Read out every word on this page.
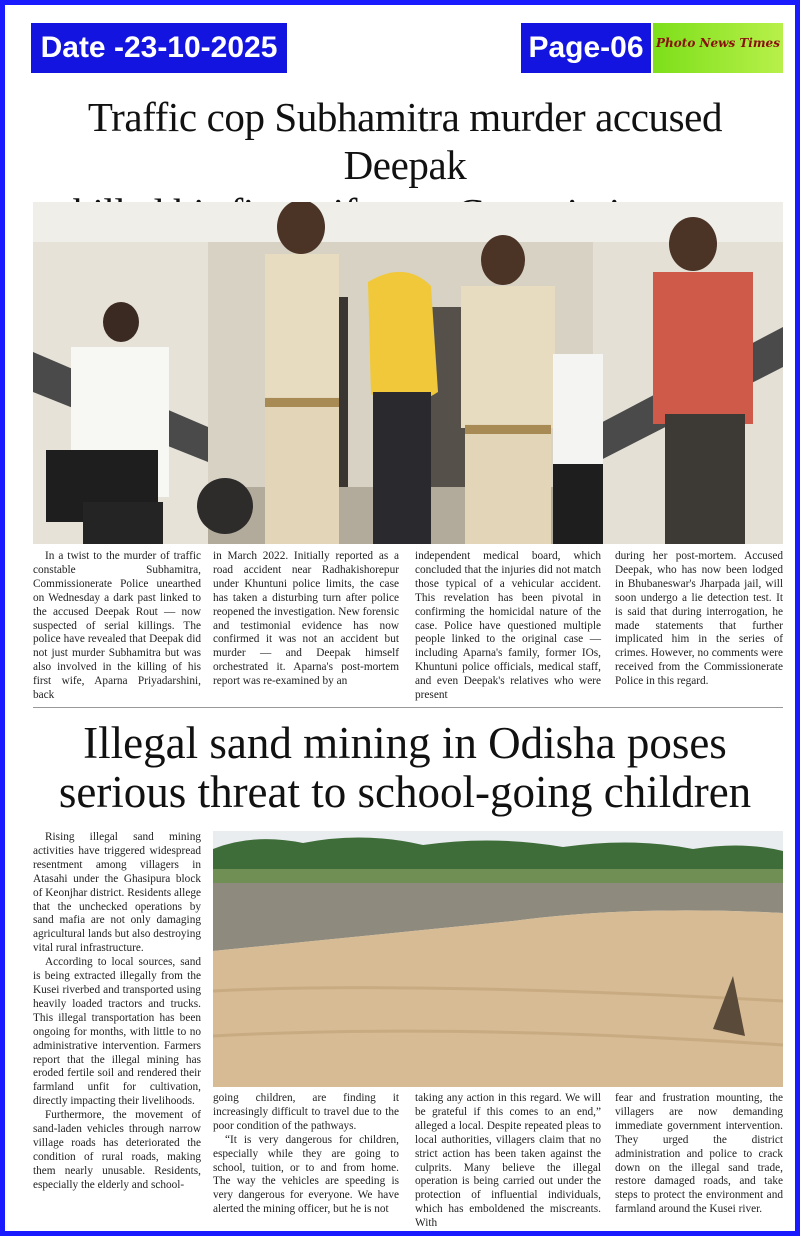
Date -23-10-2025	Page-06	Photo News Times
Traffic cop Subhamitra murder accused Deepak

In a twist to the murder of traffic constable Subhamitra, Commissionerate Police unearthed on Wednesday a dark past linked to the accused Deepak Rout — now suspected of serial killings. The police have revealed that Deepak did not just murder Subhamitra but was also involved in the killing of his first wife, Aparna Priyadarshini, back

in March 2022. Initially reported as a road accident near Radhakishorepur under Khuntuni police limits, the case has taken a disturbing turn after police reopened the investigation. New forensic and testimonial evidence has now confirmed it was not an accident but murder — and Deepak himself orchestrated it. Aparna's post-mortem report was re-examined by an

independent medical board, which concluded that the injuries did not match those typical of a vehicular accident. This revelation has been pivotal in confirming the homicidal nature of the case. Police have questioned multiple people linked to the original case — including Aparna's family, former IOs, Khuntuni police officials, medical staff, and even Deepak's relatives who were present

during her post-mortem. Accused Deepak, who has now been lodged in Bhubaneswar's Jharpada jail, will soon undergo a lie detection test. It is said that during interrogation, he made statements that further implicated him in the series of crimes. However, no comments were received from the Commissionerate Police in this regard.

Illegal sand mining in Odisha poses
serious threat to school-going children

Rising illegal sand mining activities have triggered widespread resentment among villagers in Atasahi under the Ghasipura block of Keonjhar district. Residents allege that the unchecked operations by sand mafia are not only damaging agricultural lands but also destroying vital rural infrastructure.

According to local sources, sand is being extracted illegally from the Kusei riverbed and transported using heavily loaded tractors and trucks. This illegal transportation has been ongoing for months, with little to no administrative intervention. Farmers report that the illegal mining has eroded fertile soil and rendered their farmland unfit for cultivation, directly impacting their livelihoods.

Furthermore, the movement of sand-laden vehicles through narrow village roads has deteriorated the condition of rural roads, making them nearly unusable. Residents, especially the elderly and school-

going children, are finding it increasingly difficult to travel due to the poor condition of the pathways.

“It is very dangerous for children, especially while they are going to school, tuition, or to and from home. The way the vehicles are speeding is very dangerous for everyone. We have alerted the mining officer, but he is not

taking any action in this regard. We will be grateful if this comes to an end,” alleged a local. Despite repeated pleas to local authorities, villagers claim that no strict action has been taken against the culprits. Many believe the illegal operation is being carried out under the protection of influential individuals, which has emboldened the miscreants. With

fear and frustration mounting, the villagers are now demanding immediate government intervention. They urged the district administration and police to crack down on the illegal sand trade, restore damaged roads, and take steps to protect the environment and farmland around the Kusei river.
